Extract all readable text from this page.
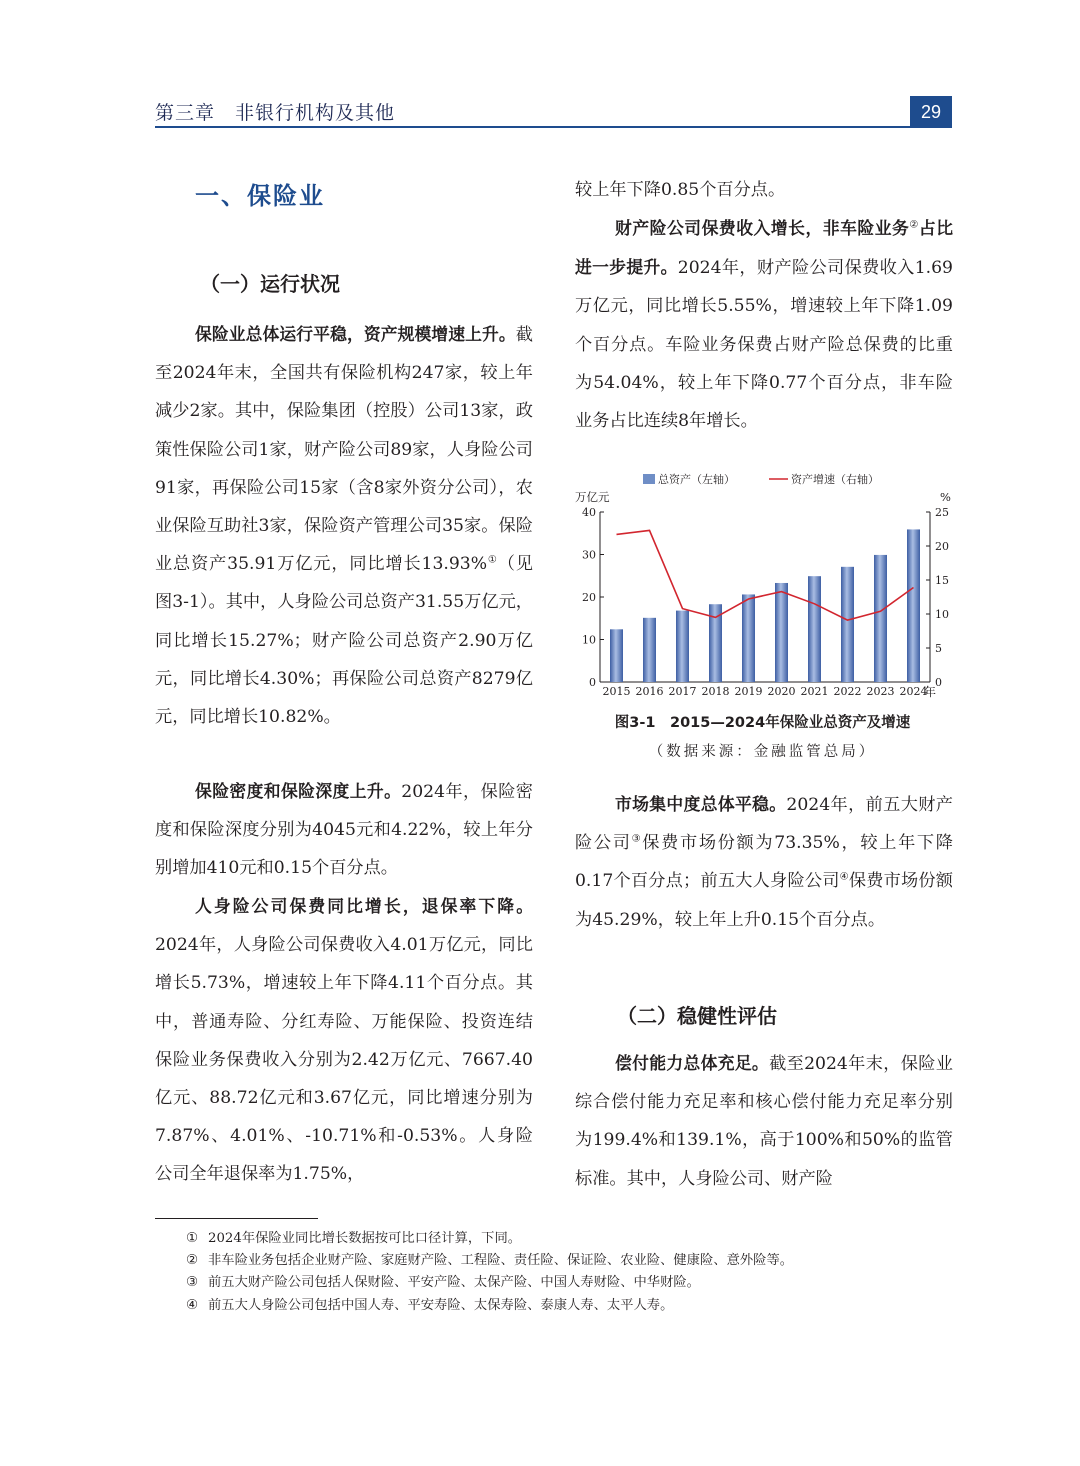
第三章　非银行机构及其他	29
一、保险业
（一）运行状况

保险业总体运行平稳，资产规模增速上升。截至2024年末，全国共有保险机构247家，较上年减少2家。其中，保险集团（控股）公司13家，政策性保险公司1家，财产险公司89家，人身险公司91家，再保险公司15家（含8家外资分公司），农业保险互助社3家，保险资产管理公司35家。保险业总资产35.91万亿元，同比增长13.93%①（见图3-1）。其中，人身险公司总资产31.55万亿元，同比增长15.27%；财产险公司总资产2.90万亿元，同比增长4.30%；再保险公司总资产8279亿元，同比增长10.82%。

保险密度和保险深度上升。2024年，保险密度和保险深度分别为4045元和4.22%，较上年分别增加410元和0.15个百分点。

人身险公司保费同比增长，退保率下降。2024年，人身险公司保费收入4.01万亿元，同比增长5.73%，增速较上年下降4.11个百分点。其中，普通寿险、分红寿险、万能保险、投资连结保险业务保费收入分别为2.42万亿元、7667.40亿元、88.72亿元和3.67亿元，同比增速分别为7.87%、4.01%、-10.71%和-0.53%。人身险公司全年退保率为1.75%，

较上年下降0.85个百分点。

财产险公司保费收入增长，非车险业务②占比进一步提升。2024年，财产险公司保费收入1.69万亿元，同比增长5.55%，增速较上年下降1.09个百分点。车险业务保费占财产险总保费的比重为54.04%，较上年下降0.77个百分点，非车险业务占比连续8年增长。

总资产（左轴）	资产增速（右轴）
万亿元	%
年
0
10
20
30
40
0
5
10
15
20
25
2015 2016 2017 2018 2019 2020 2021 2022 2023 2024
图3-1　2015—2024年保险业总资产及增速
（数据来源：金融监管总局）

市场集中度总体平稳。2024年，前五大财产险公司③保费市场份额为73.35%，较上年下降0.17个百分点；前五大人身险公司④保费市场份额为45.29%，较上年上升0.15个百分点。

（二）稳健性评估

偿付能力总体充足。截至2024年末，保险业综合偿付能力充足率和核心偿付能力充足率分别为199.4%和139.1%，高于100%和50%的监管标准。其中，人身险公司、财产险

① 2024年保险业同比增长数据按可比口径计算，下同。
② 非车险业务包括企业财产险、家庭财产险、工程险、责任险、保证险、农业险、健康险、意外险等。
③ 前五大财产险公司包括人保财险、平安产险、太保产险、中国人寿财险、中华财险。
④ 前五大人身险公司包括中国人寿、平安寿险、太保寿险、泰康人寿、太平人寿。
